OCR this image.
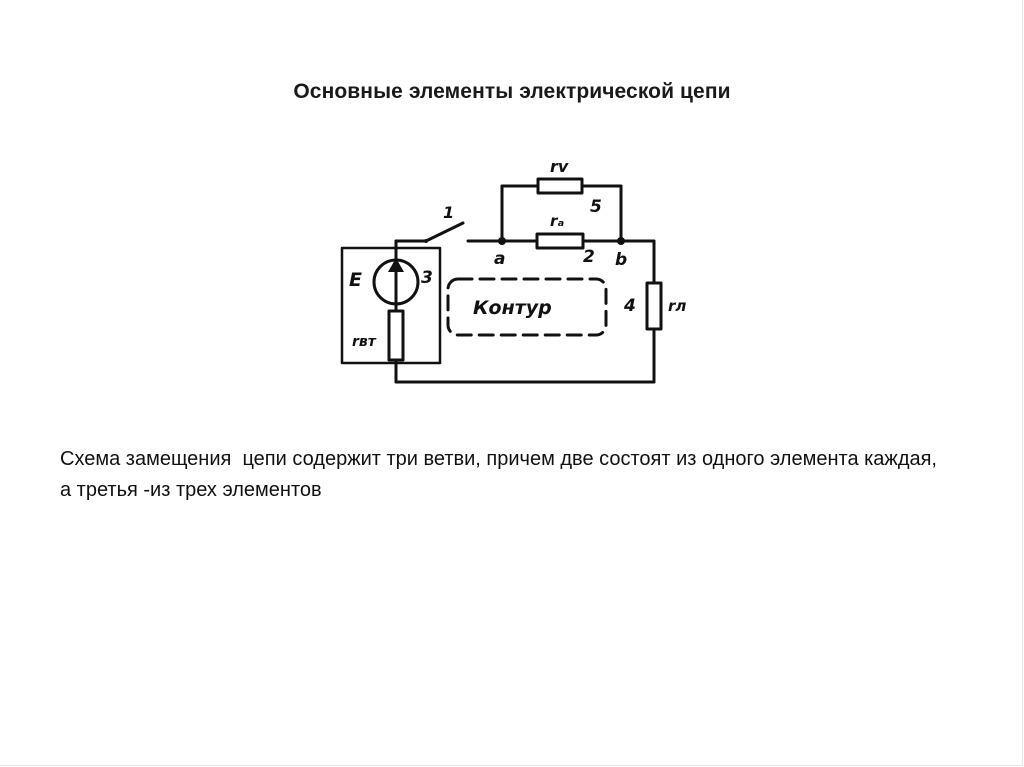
Основные элементы электрической цепи
1
rv
5
rₐ
2
a	b
E	3
rвт
Контур	4 rл
Схема замещения  цепи содержит три ветви, причем две состоят из одного элемента каждая, а третья -из трех элементов
